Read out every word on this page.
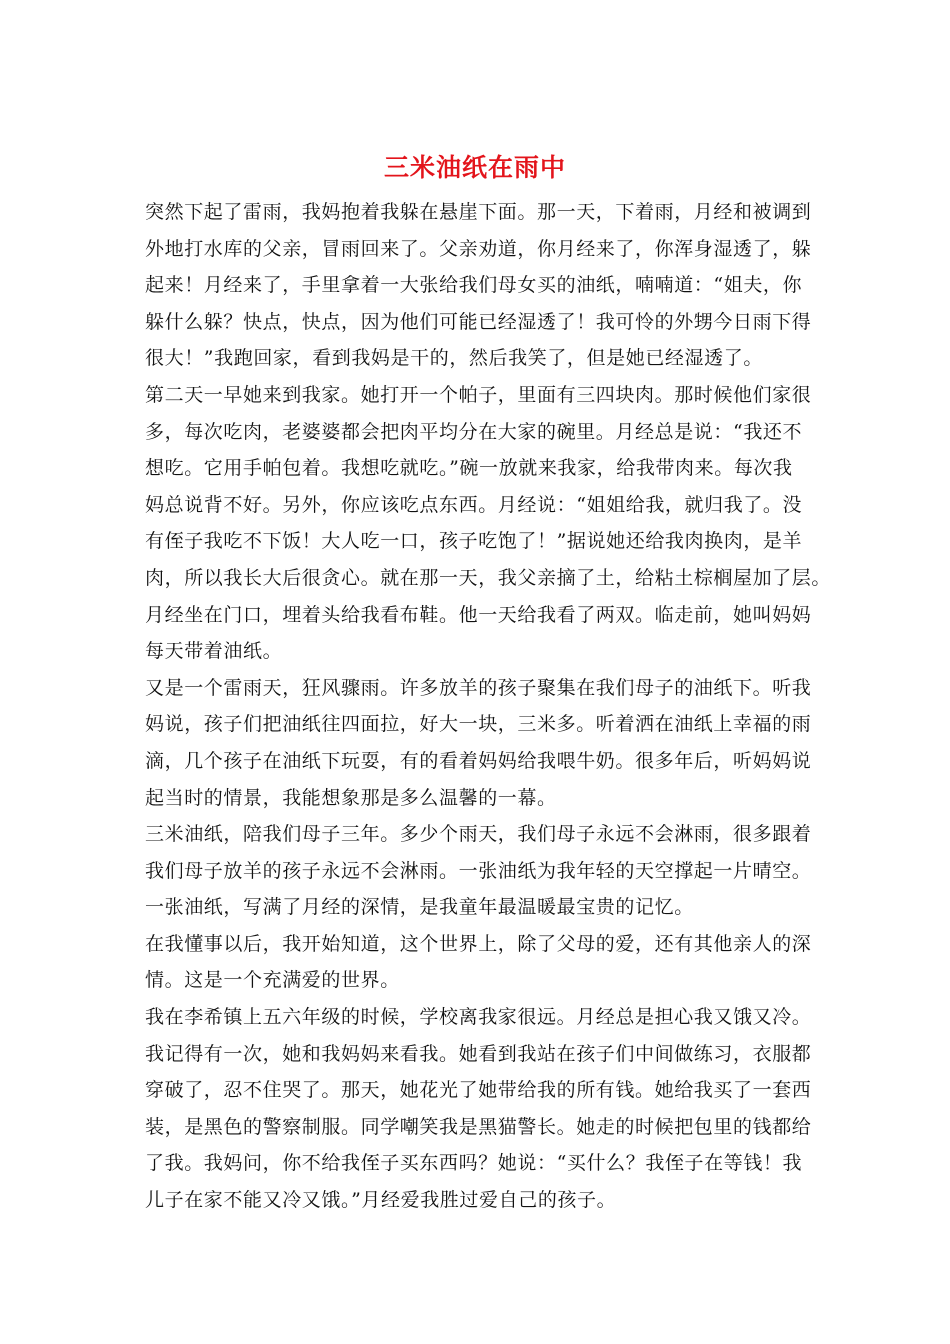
三米油纸在雨中
突然下起了雷雨，我妈抱着我躲在悬崖下面。那一天，下着雨，月经和被调到
外地打水库的父亲，冒雨回来了。父亲劝道，你月经来了，你浑身湿透了，躲
起来！月经来了，手里拿着一大张给我们母女买的油纸，喃喃道：“姐夫，你
躲什么躲？快点，快点，因为他们可能已经湿透了！我可怜的外甥今日雨下得
很大！”我跑回家，看到我妈是干的，然后我笑了，但是她已经湿透了。
第二天一早她来到我家。她打开一个帕子，里面有三四块肉。那时候他们家很
多，每次吃肉，老婆婆都会把肉平均分在大家的碗里。月经总是说：“我还不
想吃。它用手帕包着。我想吃就吃。”碗一放就来我家，给我带肉来。每次我
妈总说背不好。另外，你应该吃点东西。月经说：“姐姐给我，就归我了。没
有侄子我吃不下饭！大人吃一口，孩子吃饱了！”据说她还给我肉换肉，是羊
肉，所以我长大后很贪心。就在那一天，我父亲摘了土，给粘土棕榈屋加了层。
月经坐在门口，埋着头给我看布鞋。他一天给我看了两双。临走前，她叫妈妈
每天带着油纸。
又是一个雷雨天，狂风骤雨。许多放羊的孩子聚集在我们母子的油纸下。听我
妈说，孩子们把油纸往四面拉，好大一块，三米多。听着洒在油纸上幸福的雨
滴，几个孩子在油纸下玩耍，有的看着妈妈给我喂牛奶。很多年后，听妈妈说
起当时的情景，我能想象那是多么温馨的一幕。
三米油纸，陪我们母子三年。多少个雨天，我们母子永远不会淋雨，很多跟着
我们母子放羊的孩子永远不会淋雨。一张油纸为我年轻的天空撑起一片晴空。
一张油纸，写满了月经的深情，是我童年最温暖最宝贵的记忆。
在我懂事以后，我开始知道，这个世界上，除了父母的爱，还有其他亲人的深
情。这是一个充满爱的世界。
我在李希镇上五六年级的时候，学校离我家很远。月经总是担心我又饿又冷。
我记得有一次，她和我妈妈来看我。她看到我站在孩子们中间做练习，衣服都
穿破了，忍不住哭了。那天，她花光了她带给我的所有钱。她给我买了一套西
装，是黑色的警察制服。同学嘲笑我是黑猫警长。她走的时候把包里的钱都给
了我。我妈问，你不给我侄子买东西吗？她说：“买什么？我侄子在等钱！我
儿子在家不能又冷又饿。”月经爱我胜过爱自己的孩子。
